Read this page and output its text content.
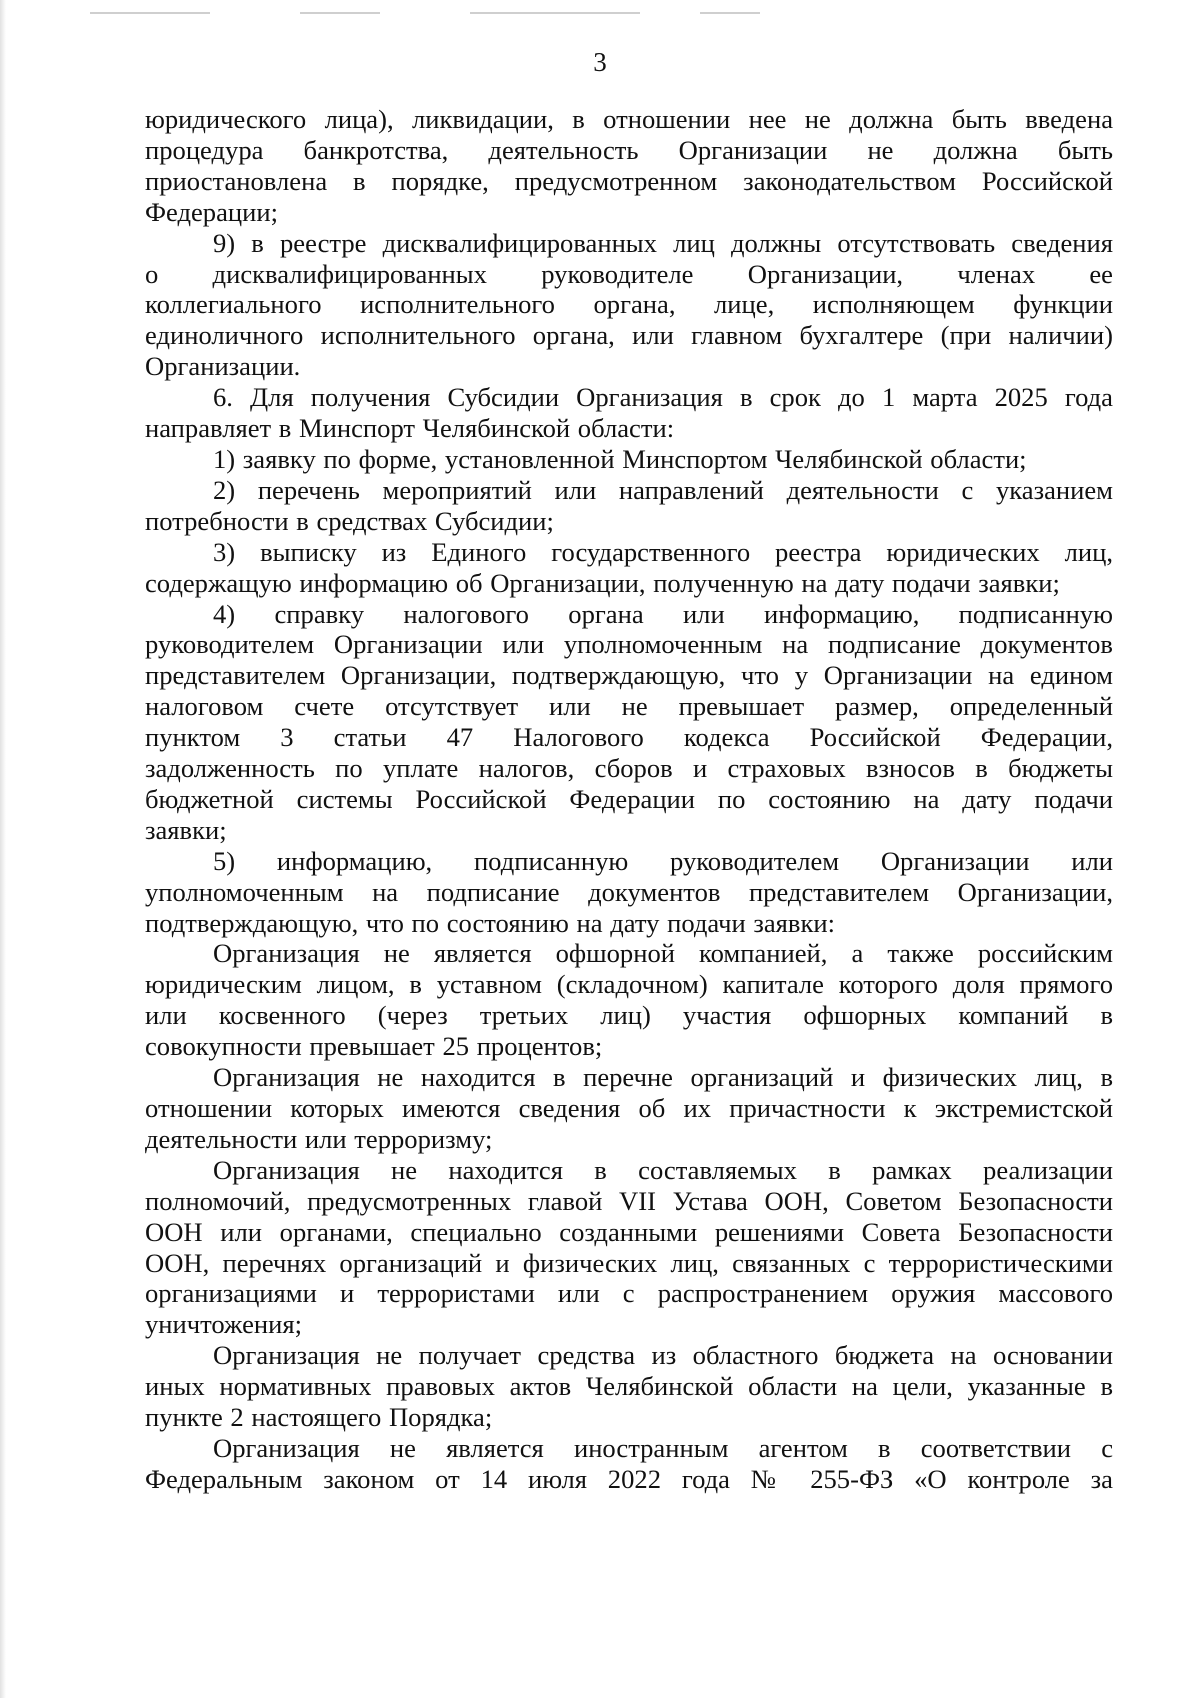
3
юридического лица), ликвидации, в отношении нее не должна быть введена
процедура банкротства, деятельность Организации не должна быть
приостановлена в порядке, предусмотренном законодательством Российской
Федерации;
9) в реестре дисквалифицированных лиц должны отсутствовать сведения
о дисквалифицированных руководителе Организации, членах ее
коллегиального исполнительного органа, лице, исполняющем функции
единоличного исполнительного органа, или главном бухгалтере (при наличии)
Организации.
6. Для получения Субсидии Организация в срок до 1 марта 2025 года
направляет в Минспорт Челябинской области:
1) заявку по форме, установленной Минспортом Челябинской области;
2) перечень мероприятий или направлений деятельности с указанием
потребности в средствах Субсидии;
3) выписку из Единого государственного реестра юридических лиц,
содержащую информацию об Организации, полученную на дату подачи заявки;
4) справку налогового органа или информацию, подписанную
руководителем Организации или уполномоченным на подписание документов
представителем Организации, подтверждающую, что у Организации на едином
налоговом счете отсутствует или не превышает размер, определенный
пунктом 3 статьи 47 Налогового кодекса Российской Федерации,
задолженность по уплате налогов, сборов и страховых взносов в бюджеты
бюджетной системы Российской Федерации по состоянию на дату подачи
заявки;
5) информацию, подписанную руководителем Организации или
уполномоченным на подписание документов представителем Организации,
подтверждающую, что по состоянию на дату подачи заявки:
Организация не является офшорной компанией, а также российским
юридическим лицом, в уставном (складочном) капитале которого доля прямого
или косвенного (через третьих лиц) участия офшорных компаний в
совокупности превышает 25 процентов;
Организация не находится в перечне организаций и физических лиц, в
отношении которых имеются сведения об их причастности к экстремистской
деятельности или терроризму;
Организация не находится в составляемых в рамках реализации
полномочий, предусмотренных главой VII Устава ООН, Советом Безопасности
ООН или органами, специально созданными решениями Совета Безопасности
ООН, перечнях организаций и физических лиц, связанных с террористическими
организациями и террористами или с распространением оружия массового
уничтожения;
Организация не получает средства из областного бюджета на основании
иных нормативных правовых актов Челябинской области на цели, указанные в
пункте 2 настоящего Порядка;
Организация не является иностранным агентом в соответствии с
Федеральным законом от 14 июля 2022 года № 255-ФЗ «О контроле за
